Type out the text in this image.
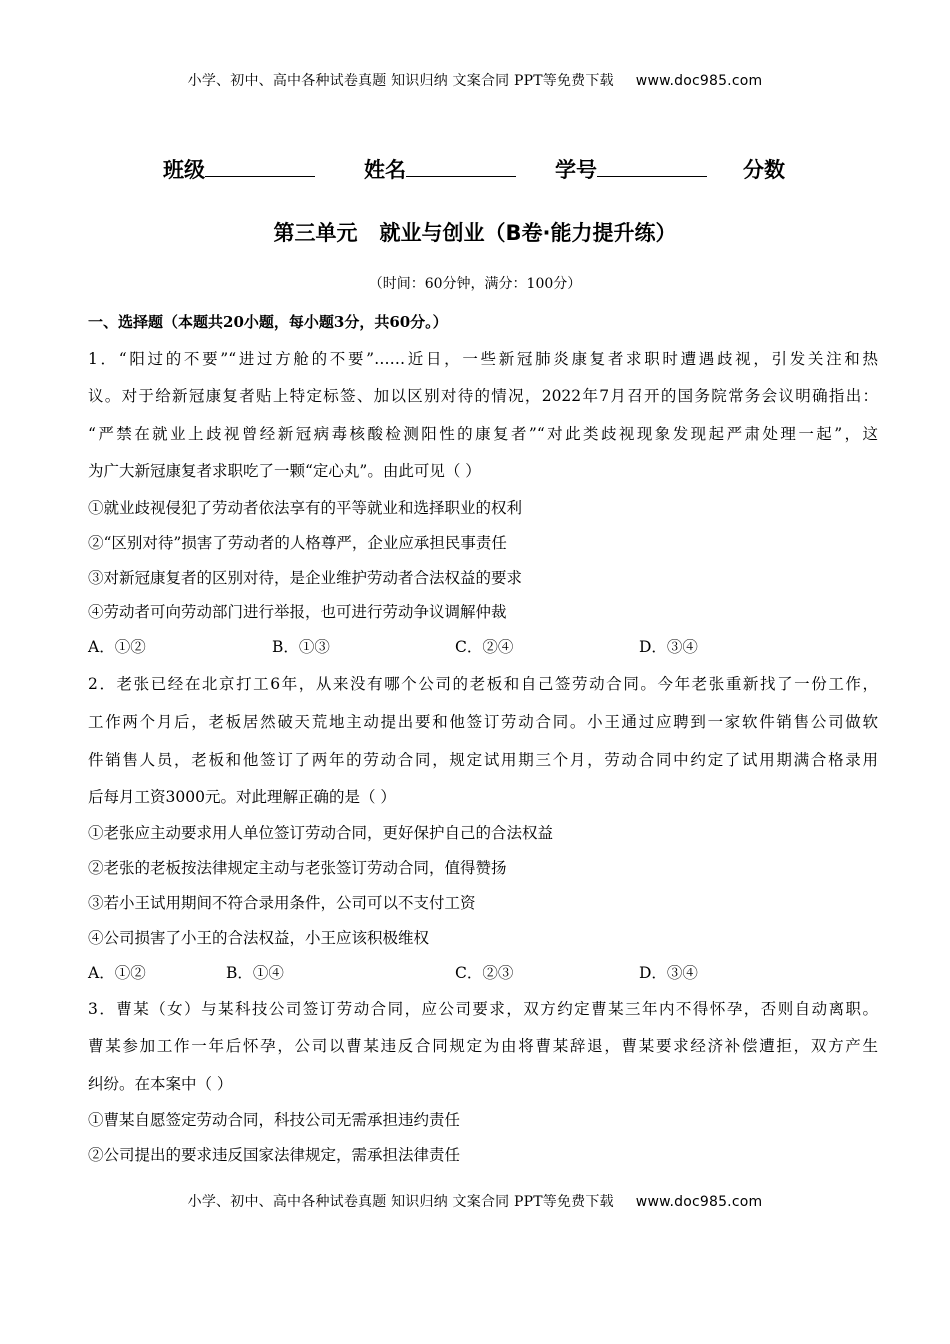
小学、初中、高中各种试卷真题 知识归纳 文案合同 PPT等免费下载 www.doc985.com
班级	姓名	学号	分数
第三单元 就业与创业（B卷·能力提升练）
（时间：60分钟，满分：100分）
一、选择题（本题共20小题，每小题3分，共60分。）
1．“阳过的不要”“进过方舱的不要”……近日，一些新冠肺炎康复者求职时遭遇歧视，引发关注和热
议。对于给新冠康复者贴上特定标签、加以区别对待的情况，2022年7月召开的国务院常务会议明确指出：
“严禁在就业上歧视曾经新冠病毒核酸检测阳性的康复者”“对此类歧视现象发现起严肃处理一起”，这
为广大新冠康复者求职吃了一颗“定心丸”。由此可见（ ）
①就业歧视侵犯了劳动者依法享有的平等就业和选择职业的权利
②“区别对待”损害了劳动者的人格尊严，企业应承担民事责任
③对新冠康复者的区别对待，是企业维护劳动者合法权益的要求
④劳动者可向劳动部门进行举报，也可进行劳动争议调解仲裁
A．①②	B．①③	C．②④	D．③④
2．老张已经在北京打工6年，从来没有哪个公司的老板和自己签劳动合同。今年老张重新找了一份工作，
工作两个月后，老板居然破天荒地主动提出要和他签订劳动合同。小王通过应聘到一家软件销售公司做软
件销售人员，老板和他签订了两年的劳动合同，规定试用期三个月，劳动合同中约定了试用期满合格录用
后每月工资3000元。对此理解正确的是（ ）
①老张应主动要求用人单位签订劳动合同，更好保护自己的合法权益
②老张的老板按法律规定主动与老张签订劳动合同，值得赞扬
③若小王试用期间不符合录用条件，公司可以不支付工资
④公司损害了小王的合法权益，小王应该积极维权
A．①②	B．①④	C．②③	D．③④
3．曹某（女）与某科技公司签订劳动合同，应公司要求，双方约定曹某三年内不得怀孕，否则自动离职。
曹某参加工作一年后怀孕，公司以曹某违反合同规定为由将曹某辞退，曹某要求经济补偿遭拒，双方产生
纠纷。在本案中（ ）
①曹某自愿签定劳动合同，科技公司无需承担违约责任
②公司提出的要求违反国家法律规定，需承担法律责任
小学、初中、高中各种试卷真题 知识归纳 文案合同 PPT等免费下载 www.doc985.com
